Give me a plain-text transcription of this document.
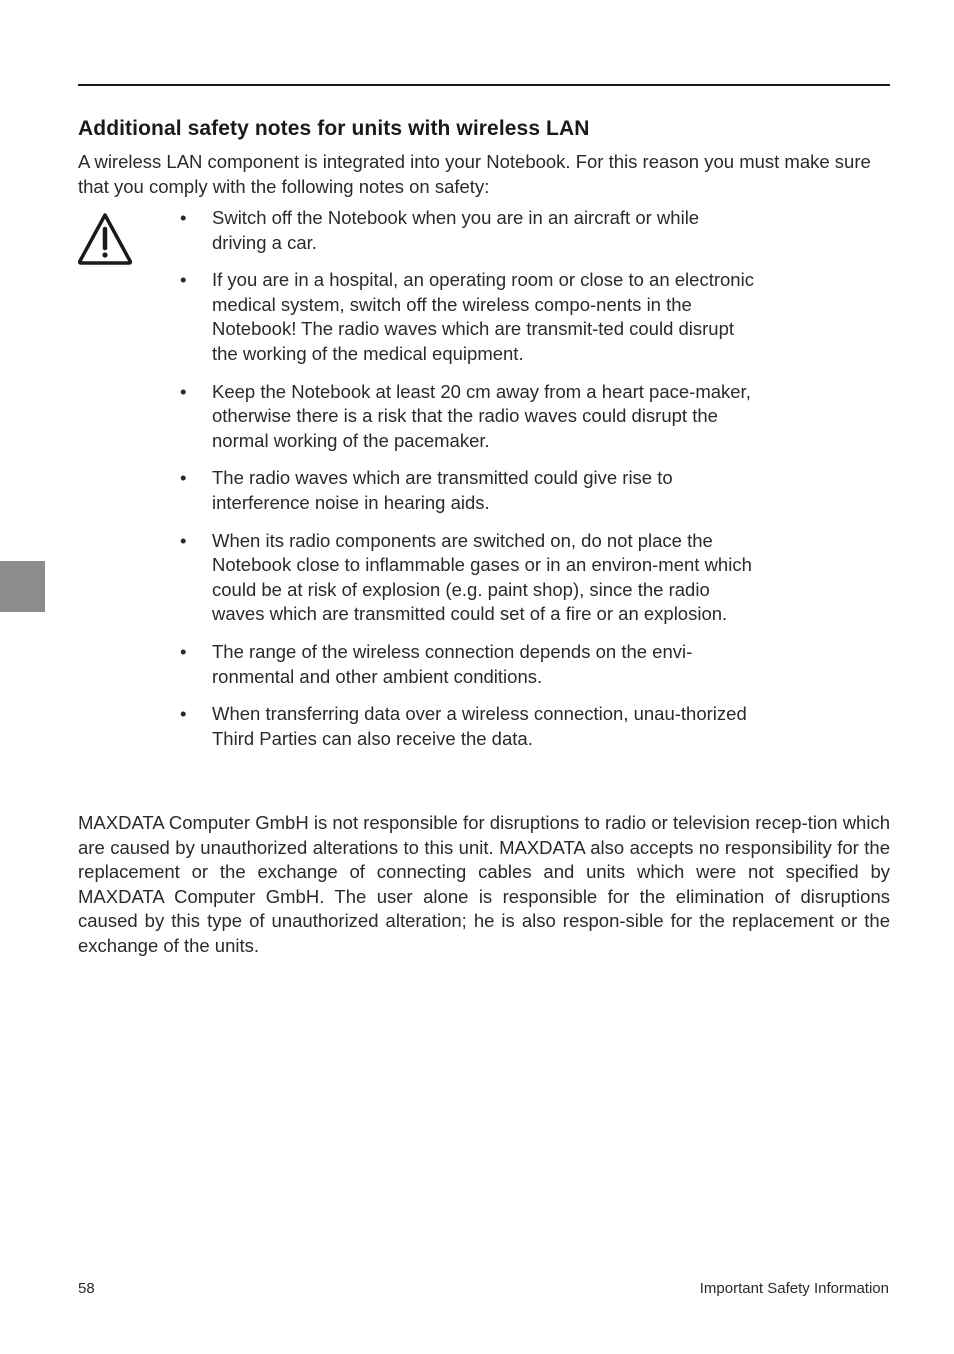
Additional safety notes for units with wireless LAN

A wireless LAN component is integrated into your Notebook. For this reason you must make sure that you comply with the following notes on safety:

• Switch off the Notebook when you are in an aircraft or while driving a car.
• If you are in a hospital, an operating room or close to an electronic medical system, switch off the wireless compo-nents in the Notebook! The radio waves which are transmit-ted could disrupt the working of the medical equipment.
• Keep the Notebook at least 20 cm away from a heart pace-maker, otherwise there is a risk that the radio waves could disrupt the normal working of the pacemaker.
• The radio waves which are transmitted could give rise to interference noise in hearing aids.
• When its radio components are switched on, do not place the Notebook close to inflammable gases or in an environ-ment which could be at risk of explosion (e.g. paint shop), since the radio waves which are transmitted could set of a fire or an explosion.
• The range of the wireless connection depends on the envi-ronmental and other ambient conditions.
• When transferring data over a wireless connection, unau-thorized Third Parties can also receive the data.

MAXDATA Computer GmbH is not responsible for disruptions to radio or television recep-tion which are caused by unauthorized alterations to this unit. MAXDATA also accepts no responsibility for the replacement or the exchange of connecting cables and units which were not specified by MAXDATA Computer GmbH. The user alone is responsible for the elimination of disruptions caused by this type of unauthorized alteration; he is also respon-sible for the replacement or the exchange of the units.

58	Important Safety Information
